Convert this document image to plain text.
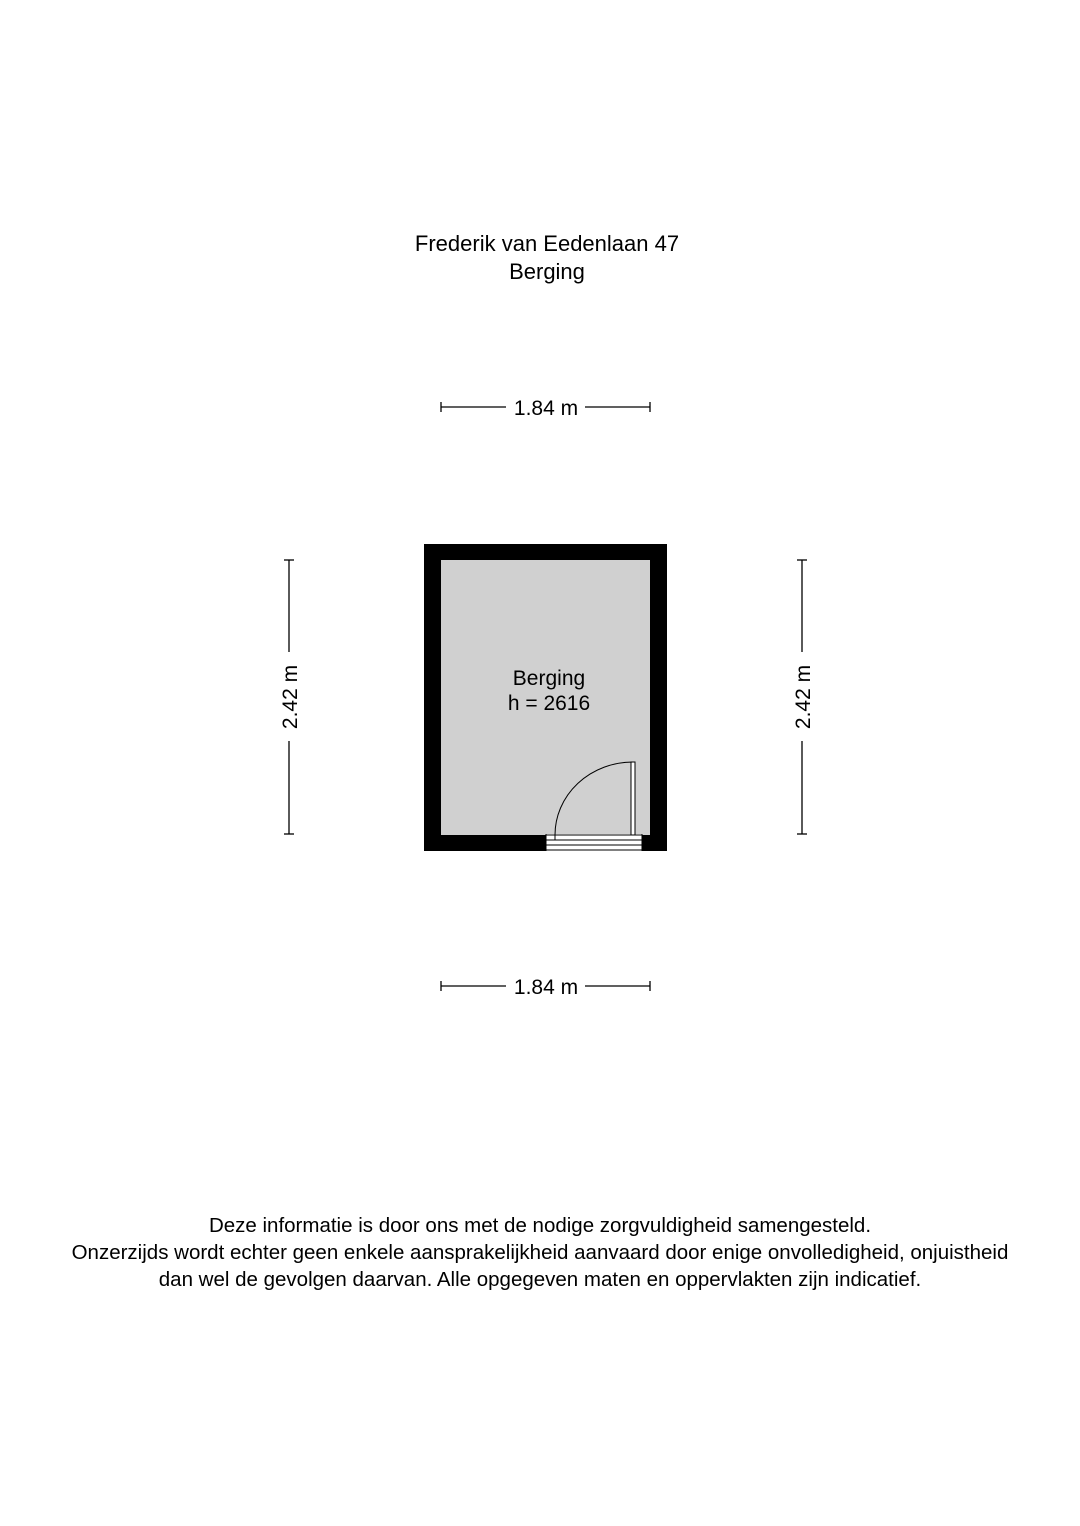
Frederik van Eedenlaan 47
Berging
1.84 m
2.42 m	2.42 m
Berging
h = 2616
1.84 m
Deze informatie is door ons met de nodige zorgvuldigheid samengesteld.
Onzerzijds wordt echter geen enkele aansprakelijkheid aanvaard door enige onvolledigheid, onjuistheid
dan wel de gevolgen daarvan. Alle opgegeven maten en oppervlakten zijn indicatief.
